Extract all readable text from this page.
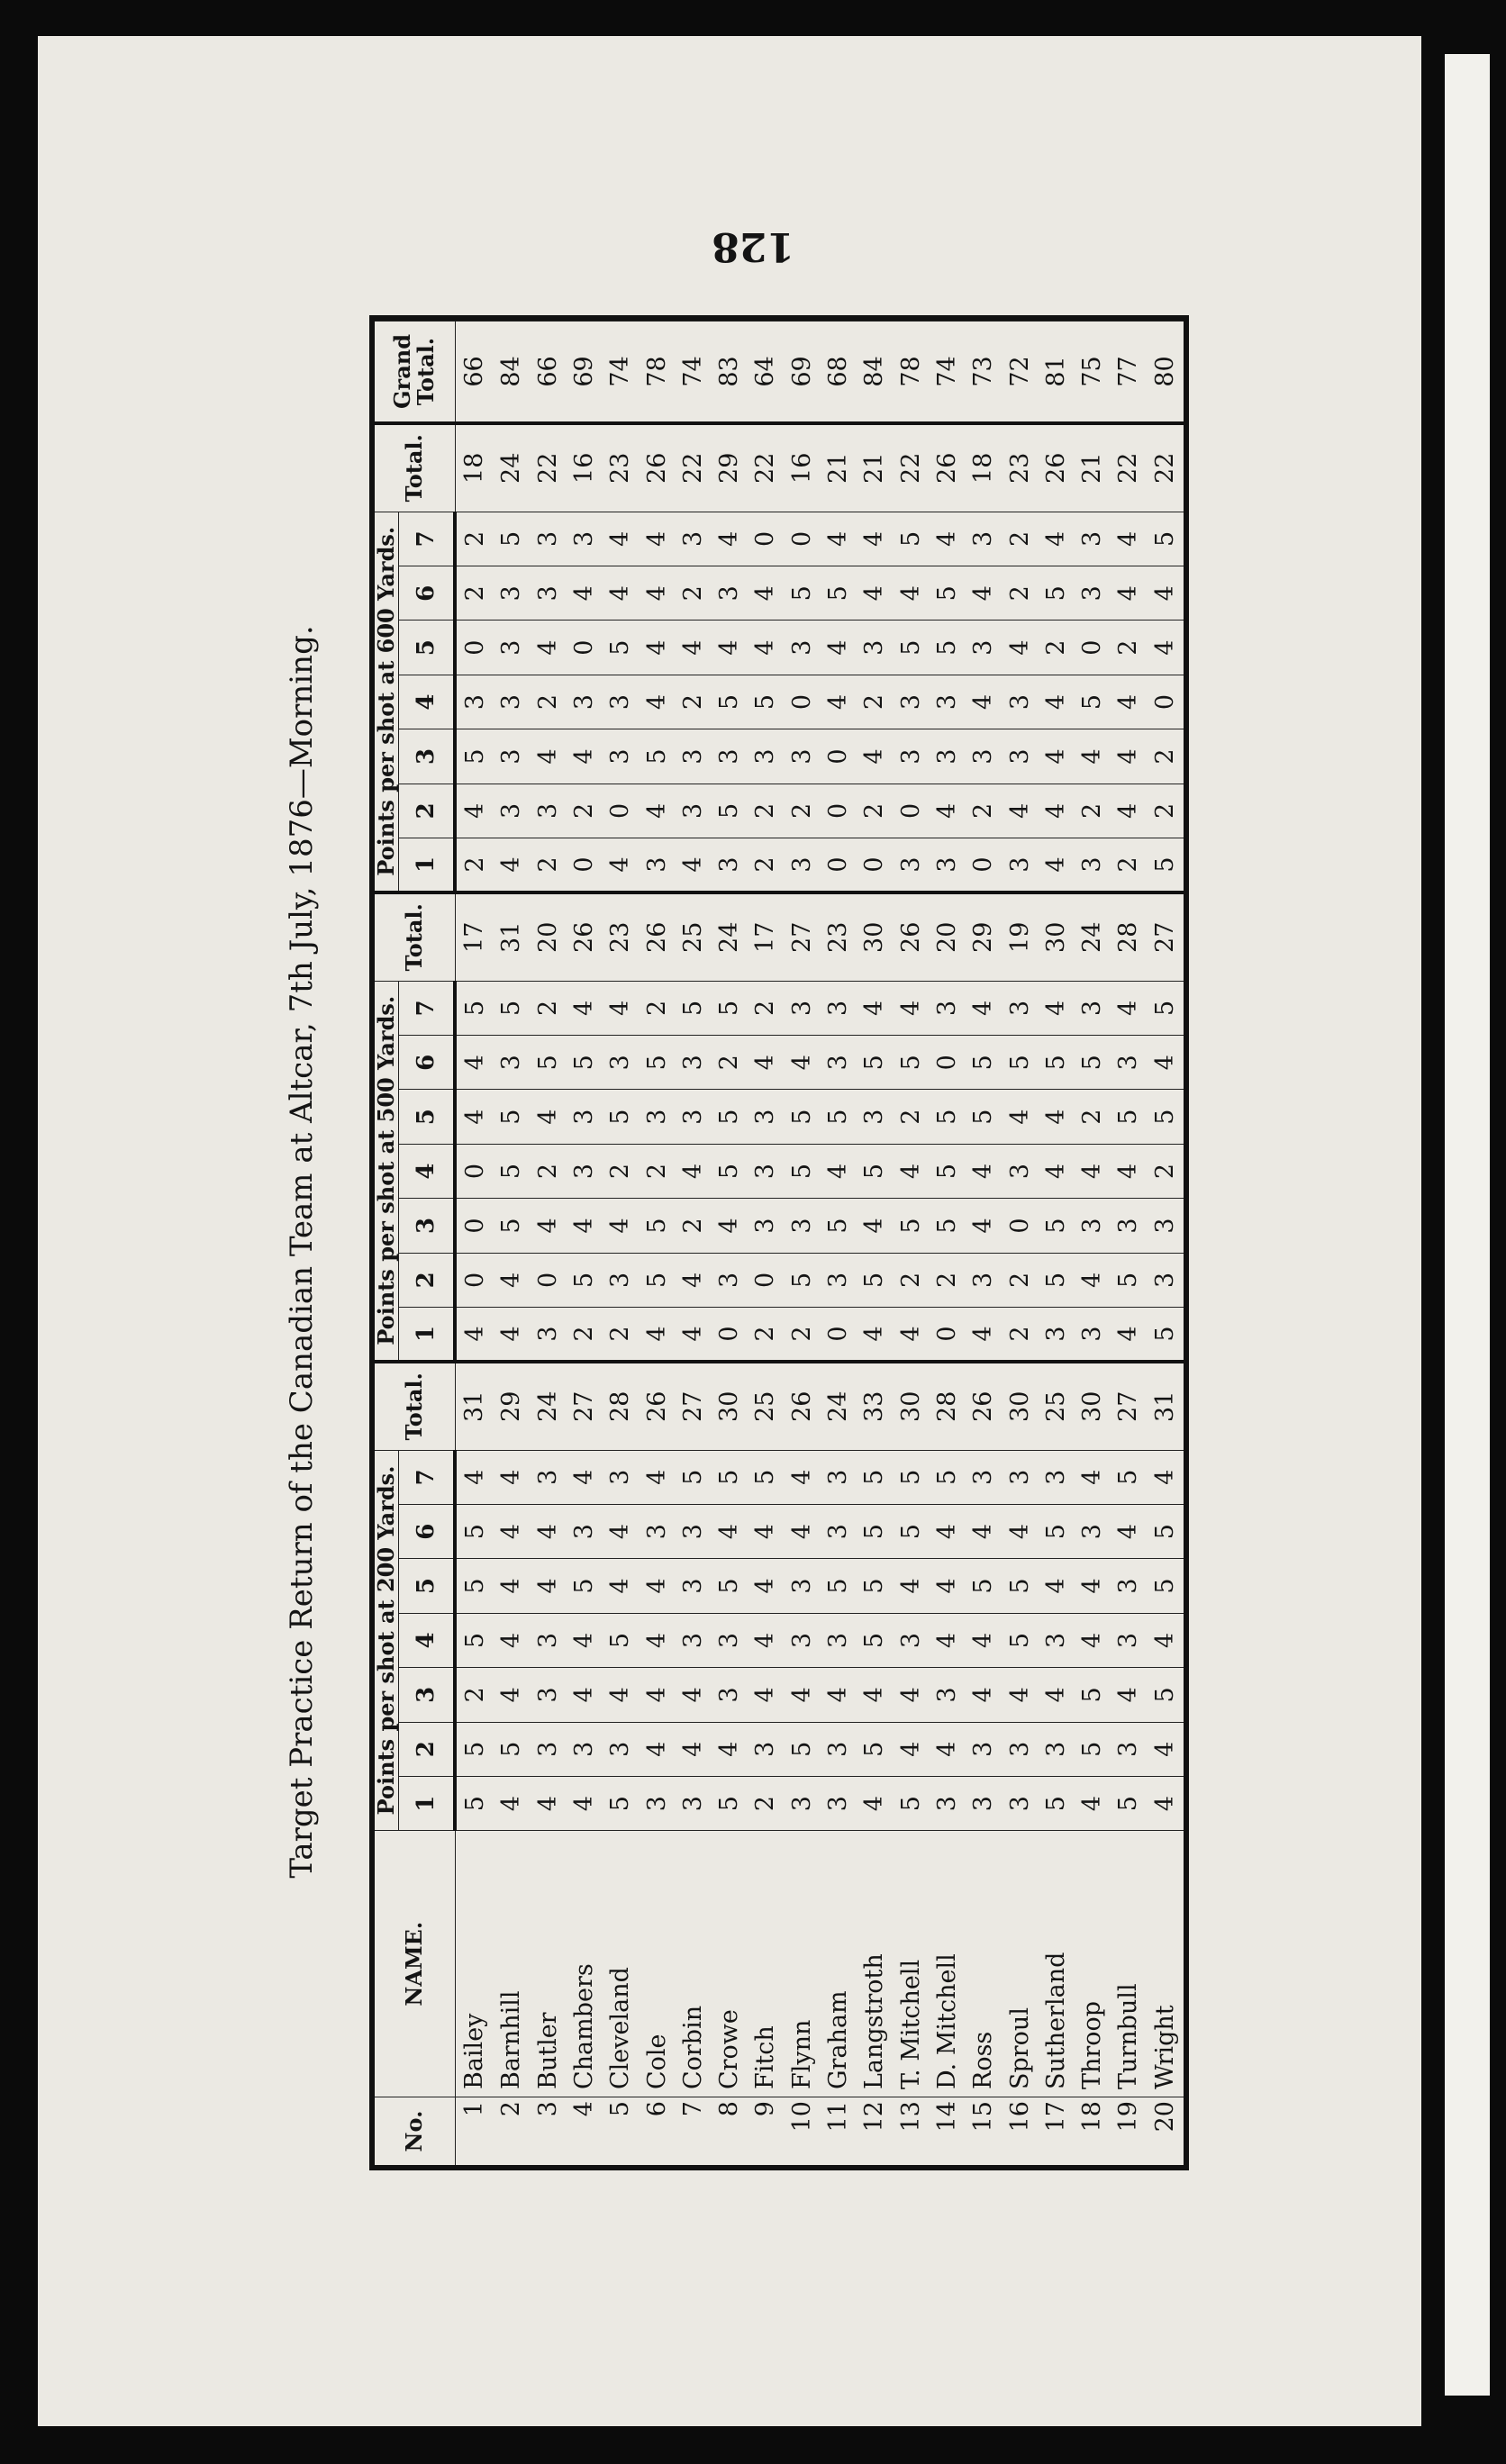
128
Target Practice Return of the Canadian Team at Altcar, 7th July, 1876—Morning.
No.	NAME.	Points per shot at 200 Yards.							Total.	Points per shot at 500 Yards.							Total.	Points per shot at 600 Yards.							Total.	Grand Total.
		1	2	3	4	5	6	7		1	2	3	4	5	6	7		1	2	3	4	5	6	7		
1	Bailey	5	5	2	5	5	5	4	31	4	0	0	0	4	4	5	17	2	4	5	3	0	2	2	18	66
2	Barnhill	4	5	4	4	4	4	4	29	4	4	5	5	5	3	5	31	4	3	3	3	3	3	5	24	84
3	Butler	4	3	3	3	4	4	3	24	3	0	4	2	4	5	2	20	2	3	4	2	4	3	3	22	66
4	Chambers	4	3	4	4	5	3	4	27	2	5	4	3	3	5	4	26	0	2	4	3	0	4	3	16	69
5	Cleveland	5	3	4	5	4	4	3	28	2	3	4	2	5	3	4	23	4	0	3	3	5	4	4	23	74
6	Cole	3	4	4	4	4	3	4	26	4	5	5	2	3	5	2	26	3	4	5	4	4	4	4	26	78
7	Corbin	3	4	4	3	3	3	5	27	4	4	2	4	3	3	5	25	4	3	3	2	4	2	3	22	74
8	Crowe	5	4	3	3	5	4	5	30	0	3	4	5	5	2	5	24	3	5	3	5	4	3	4	29	83
9	Fitch	2	3	4	4	4	4	5	25	2	0	3	3	3	4	2	17	2	2	3	5	4	4	0	22	64
10	Flynn	3	5	4	3	3	4	4	26	2	5	3	5	5	4	3	27	3	2	3	0	3	5	0	16	69
11	Graham	3	3	4	3	5	3	3	24	0	3	5	4	5	3	3	23	0	0	0	4	4	5	4	21	68
12	Langstroth	4	5	4	5	5	5	5	33	4	5	4	5	3	5	4	30	0	2	4	2	3	4	4	21	84
13	T. Mitchell	5	4	4	3	4	5	5	30	4	2	5	4	2	5	4	26	3	0	3	3	5	4	5	22	78
14	D. Mitchell	3	4	3	4	4	4	5	28	0	2	5	5	5	0	3	20	3	4	3	3	5	5	4	26	74
15	Ross	3	3	4	4	5	4	3	26	4	3	4	4	5	5	4	29	0	2	3	4	3	4	3	18	73
16	Sproul	3	3	4	5	5	4	3	30	2	2	0	3	4	5	3	19	3	4	3	3	4	2	2	23	72
17	Sutherland	5	3	4	3	4	5	3	25	3	5	5	4	4	5	4	30	4	4	4	4	2	5	4	26	81
18	Throop	4	5	5	4	4	3	4	30	3	4	3	4	2	5	3	24	3	2	4	5	0	3	3	21	75
19	Turnbull	5	3	4	3	3	4	5	27	4	5	3	4	5	3	4	28	2	4	4	4	2	4	4	22	77
20	Wright	4	4	5	4	5	5	4	31	5	3	3	2	5	4	5	27	5	2	2	0	4	4	5	22	80
